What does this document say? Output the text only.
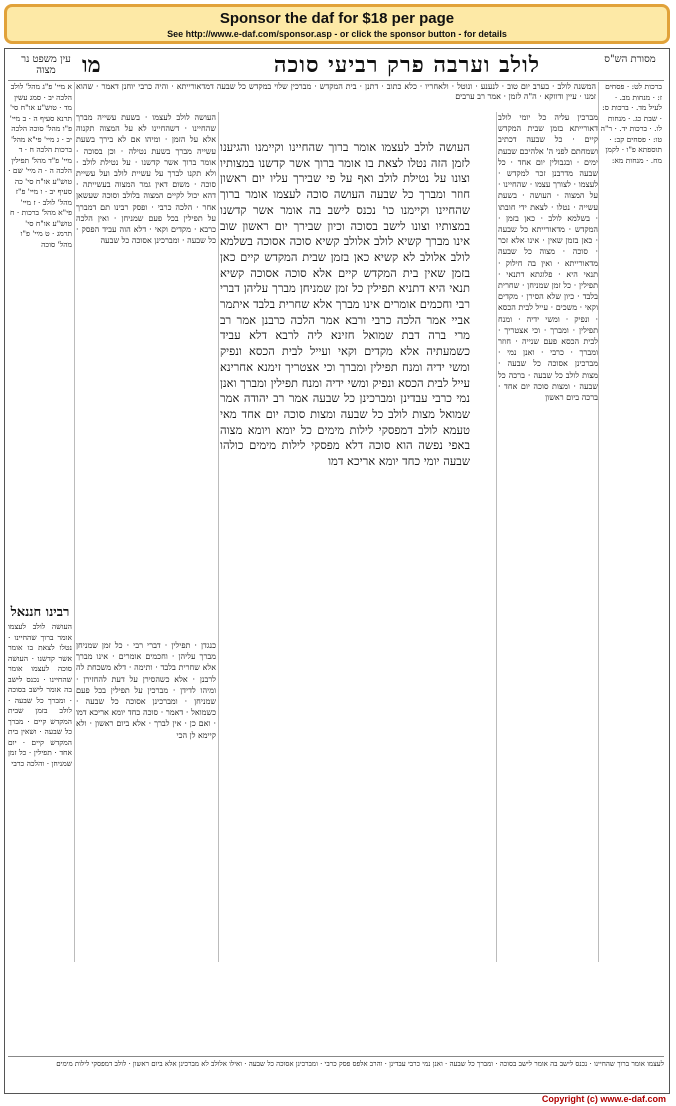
Sponsor the daf for $18 per page
See http://www.e-daf.com/sponsor.asp - or click the sponsor button - for details
מסורת הש"ס
לולב וערבה פרק רביעי סוכה
מו
עין משפט נר מצוה
המשנה לולב · בערב יום טוב · לנענע · ונוטל · ולאחריו · כלא כתוב · דתנן · בית המקדש · מברכין שלוי במקדש כל שבעה דמדאורייתא · והיה כרבי יוחנן דאמר · שהוא זמנו · עיין ודווקא · ה"ה לזמן · אמר רב ערבים
א מיי' פ"ג מהל' לולב הלכה יב · סמג עשין מד · טוש"ע או"ח סי' תרנא סעיף ה · ב מיי' פ"ו מהל' סוכה הלכה יב · ג מיי' פי"א מהל' ברכות הלכה ח · ד מיי' פ"ד מהל' תפילין הלכה ה · ה מיי' שם · טוש"ע או"ח סי' כה סעיף יב · ו מיי' פ"ז מהל' לולב · ז מיי' פי"א מהל' ברכות · ח טוש"ע או"ח סי' תרמג · ט מיי' פ"ו מהל' סוכה
העושה לולב לעצמו · בשעת עשייה מברך שהחיינו · דשהחיינו לא על המצוה תקנוה אלא על הזמן · ומיהו אם לא בירך בשעת עשייה מברך בשעת נטילה · וכן בסוכה · אומר ברוך אשר קדשנו · על נטילת לולב · ולא תקנו לברך על עשיית לולב ועל עשיית סוכה · משום דאין גמר המצוה בעשייתה · דהא יכול לקיים המצוה בלולב וסוכה שעשאן אחר · הלכה כרבי · ופסק רבינו תם דמברך על תפילין בכל פעם שמניחן · ואין הלכה כרבא · מקדים וקאי · דלא הוה עביד הפסק · כל שבעה · ומברכינן אסוכה כל שבעה
כנגדן · תפילין · דברי רבי · כל זמן שמניחן מברך עליהן · וחכמים אומרים · אינו מברך אלא שחרית בלבד · ותימה · דלא משכחת לה לרבנן · אלא כשהסירן על דעת להחזירן · ומיהו לדידן · מברכין על תפילין בכל פעם שמניחן · ומברכינן אסוכה כל שבעה · כשמואל · דאמר · סוכה כחד יומא אריכא דמו · ואם כן · אין לברך · אלא ביום ראשון · ולא קיימא לן הכי
העושה לולב לעצמו אומר ברוך שהחיינו וקיימנו והגיענו לזמן הזה נטלו לצאת בו אומר ברוך אשר קדשנו במצותיו וצונו על נטילת לולב ואף על פי שבירך עליו יום ראשון חוזר ומברך כל שבעה העושה סוכה לעצמו אומר ברוך שהחיינו וקיימנו כו' נכנס לישב בה אומר אשר קדשנו במצותיו וצונו לישב בסוכה וכיון שבירך יום ראשון שוב אינו מברך קשיא לולב אלולב קשיא סוכה אסוכה בשלמא לולב אלולב לא קשיא כאן בזמן שבית המקדש קיים כאן בזמן שאין בית המקדש קיים אלא סוכה אסוכה קשיא תנאי היא דתניא תפילין כל זמן שמניחן מברך עליהן דברי רבי וחכמים אומרים אינו מברך אלא שחרית בלבד איתמר אביי אמר הלכה כרבי ורבא אמר הלכה כרבנן אמר רב מרי ברה דבת שמואל חזינא ליה לרבא דלא עביד כשמעתיה אלא מקדים וקאי ועייל לבית הכסא ונפיק ומשי ידיה ומנח תפילין ומברך וכי אצטריך זימנא אחרינא עייל לבית הכסא ונפיק ומשי ידיה ומנח תפילין ומברך ואנן נמי כרבי עבדינן ומברכינן כל שבעה אמר רב יהודה אמר שמואל מצות לולב כל שבעה ומצות סוכה יום אחד מאי טעמא לולב דמפסקי לילות מימים כל יומא ויומא מצוה באפי נפשה הוא סוכה דלא מפסקי לילות מימים כולהו שבעה יומי כחד יומא אריכא דמו
מברכין עליה כל יומי לולב דאורייתא בזמן שבית המקדש קיים · כל שבעה דכתיב ושמחתם לפני ה' אלהיכם שבעת ימים · ובגבולין יום אחד · כל שבעה מדרבנן זכר למקדש · לעצמו · לצורך עצמו · שהחיינו · על המצוה · העושה · בשעת עשייה · נטלו · לצאת ידי חובתו · בשלמא לולב · כאן בזמן · המקדש · מדאורייתא כל שבעה · כאן בזמן שאין · אינו אלא זכר · סוכה · מצוה כל שבעה מדאורייתא · ואין בה חילוק · תנאי היא · פלוגתא דתנאי · תפילין · כל זמן שמניחן · שחרית בלבד · כיון שלא הסירן · מקדים וקאי · משכים · עייל לבית הכסא · ונפיק · ומשי ידיה · ומנח תפילין · ומברך · וכי אצטריך · לבית הכסא פעם שנייה · חוזר ומברך · כרבי · ואנן נמי · מברכינן אסוכה כל שבעה · מצות לולב כל שבעה · ברכה כל שבעה · ומצות סוכה יום אחד · ברכה ביום ראשון
ברכות לט: · פסחים ז: · מנחות מב. · לעיל מד. · ברכות ס: · שבת כג. · מנחות לו. · ברכות יד. · ר"ה טו: · פסחים קב: · תוספתא פ"ו · לקמן מח. · מנחות מא:
רבינו חננאל
העושה לולב לעצמו אומר ברוך שהחיינו · נטלו לצאת בו אומר אשר קדשנו · העושה סוכה לעצמו אומר שהחיינו · נכנס לישב בה אומר לישב בסוכה · ומברך כל שבעה · לולב בזמן שבית המקדש קיים · מברך כל שבעה · ושאין בית המקדש קיים · יום אחד · תפילין · כל זמן שמניחן · והלכה כרבי
לעצמו אומר ברוך שהחיינו · נכנס לישב בה אומר לישב בסוכה · ומברך כל שבעה · ואנן נמי כרבי עבדינן · והרב אלפס פסק כרבי · ומברכינן אסוכה כל שבעה · ואילו אלולב לא מברכינן אלא ביום ראשון · לולב דמפסקי לילות מימים
Copyright (c) www.e-daf.com
